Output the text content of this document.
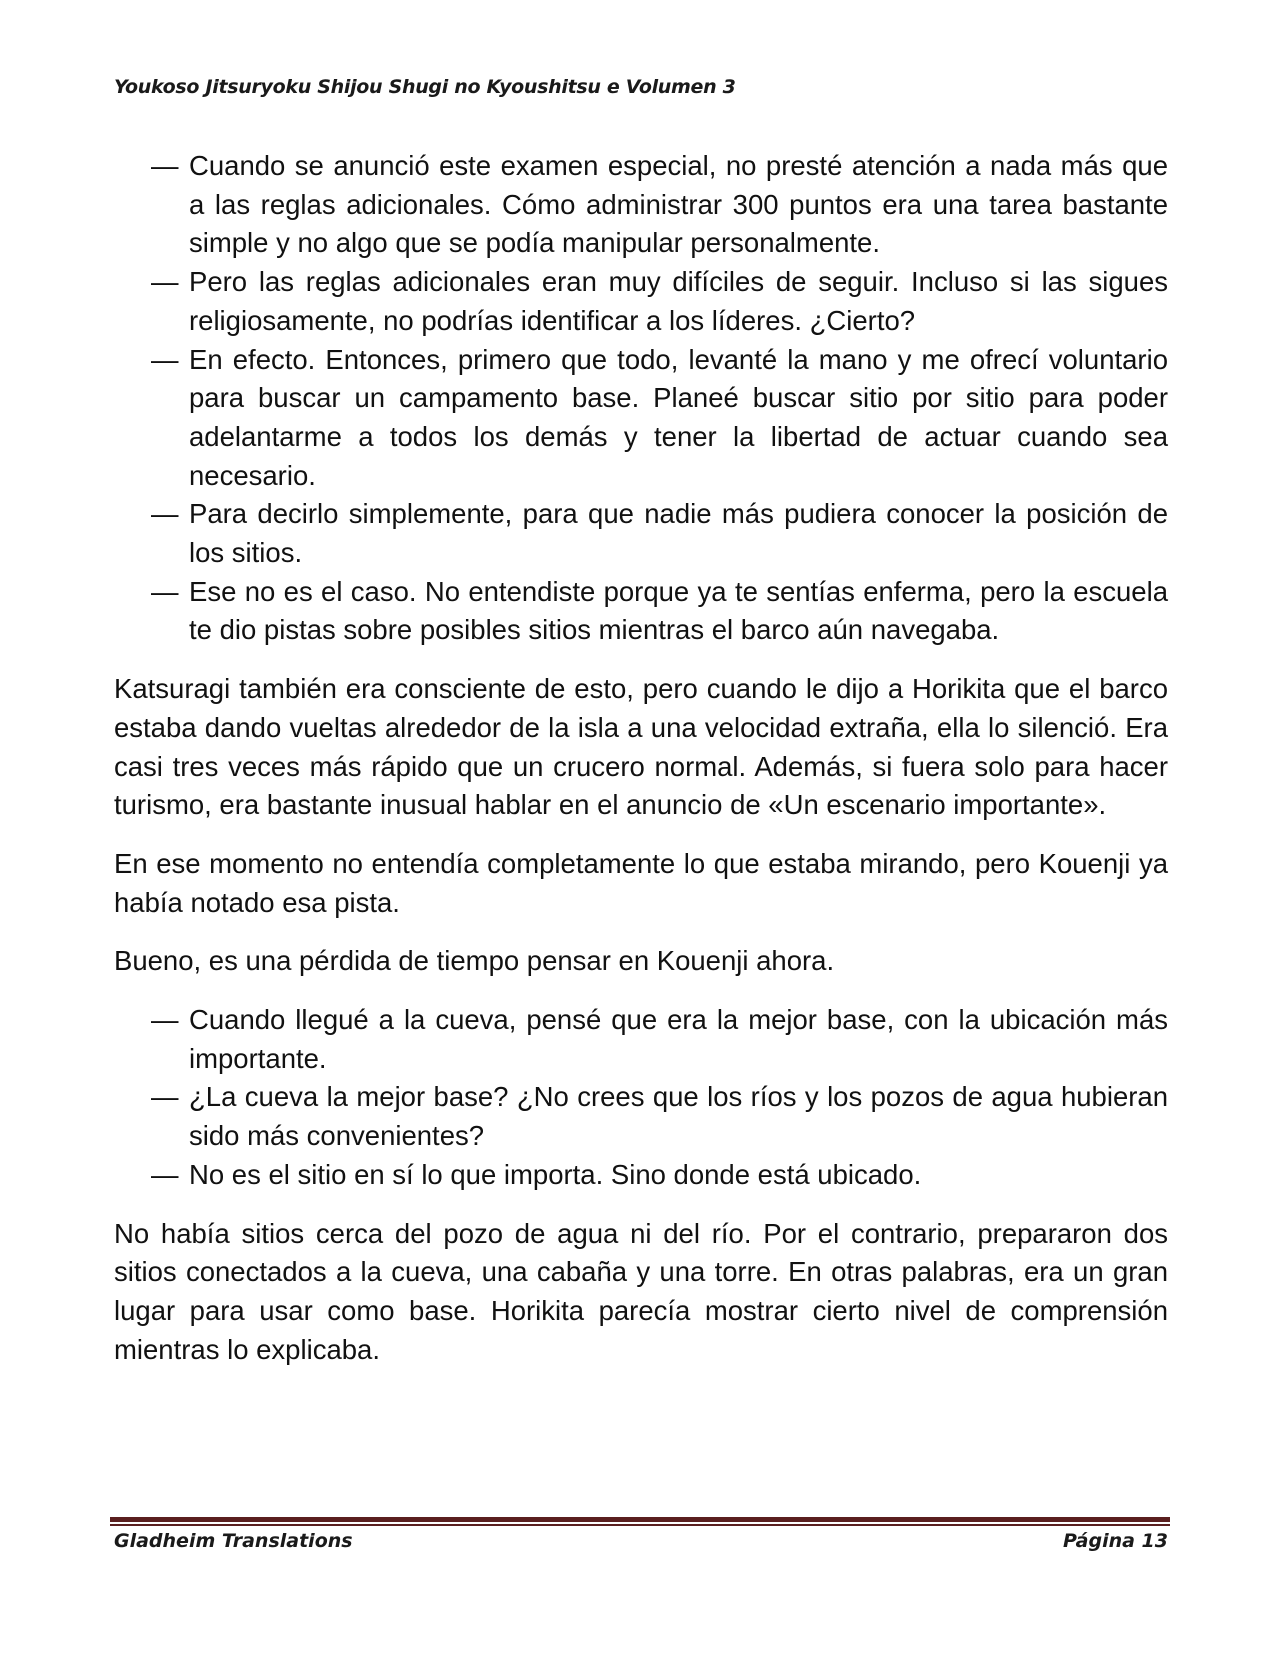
Youkoso Jitsuryoku Shijou Shugi no Kyoushitsu e Volumen 3
— Cuando se anunció este examen especial, no presté atención a nada más que a las reglas adicionales. Cómo administrar 300 puntos era una tarea bastante simple y no algo que se podía manipular personalmente.
— Pero las reglas adicionales eran muy difíciles de seguir. Incluso si las sigues religiosamente, no podrías identificar a los líderes. ¿Cierto?
— En efecto. Entonces, primero que todo, levanté la mano y me ofrecí voluntario para buscar un campamento base. Planeé buscar sitio por sitio para poder adelantarme a todos los demás y tener la libertad de actuar cuando sea necesario.
— Para decirlo simplemente, para que nadie más pudiera conocer la posición de los sitios.
— Ese no es el caso. No entendiste porque ya te sentías enferma, pero la escuela te dio pistas sobre posibles sitios mientras el barco aún navegaba.

Katsuragi también era consciente de esto, pero cuando le dijo a Horikita que el barco estaba dando vueltas alrededor de la isla a una velocidad extraña, ella lo silenció. Era casi tres veces más rápido que un crucero normal. Además, si fuera solo para hacer turismo, era bastante inusual hablar en el anuncio de «Un escenario importante».

En ese momento no entendía completamente lo que estaba mirando, pero Kouenji ya había notado esa pista.

Bueno, es una pérdida de tiempo pensar en Kouenji ahora.

— Cuando llegué a la cueva, pensé que era la mejor base, con la ubicación más importante.
— ¿La cueva la mejor base? ¿No crees que los ríos y los pozos de agua hubieran sido más convenientes?
— No es el sitio en sí lo que importa. Sino donde está ubicado.

No había sitios cerca del pozo de agua ni del río. Por el contrario, prepararon dos sitios conectados a la cueva, una cabaña y una torre. En otras palabras, era un gran lugar para usar como base. Horikita parecía mostrar cierto nivel de comprensión mientras lo explicaba.

Gladheim Translations	Página 13
